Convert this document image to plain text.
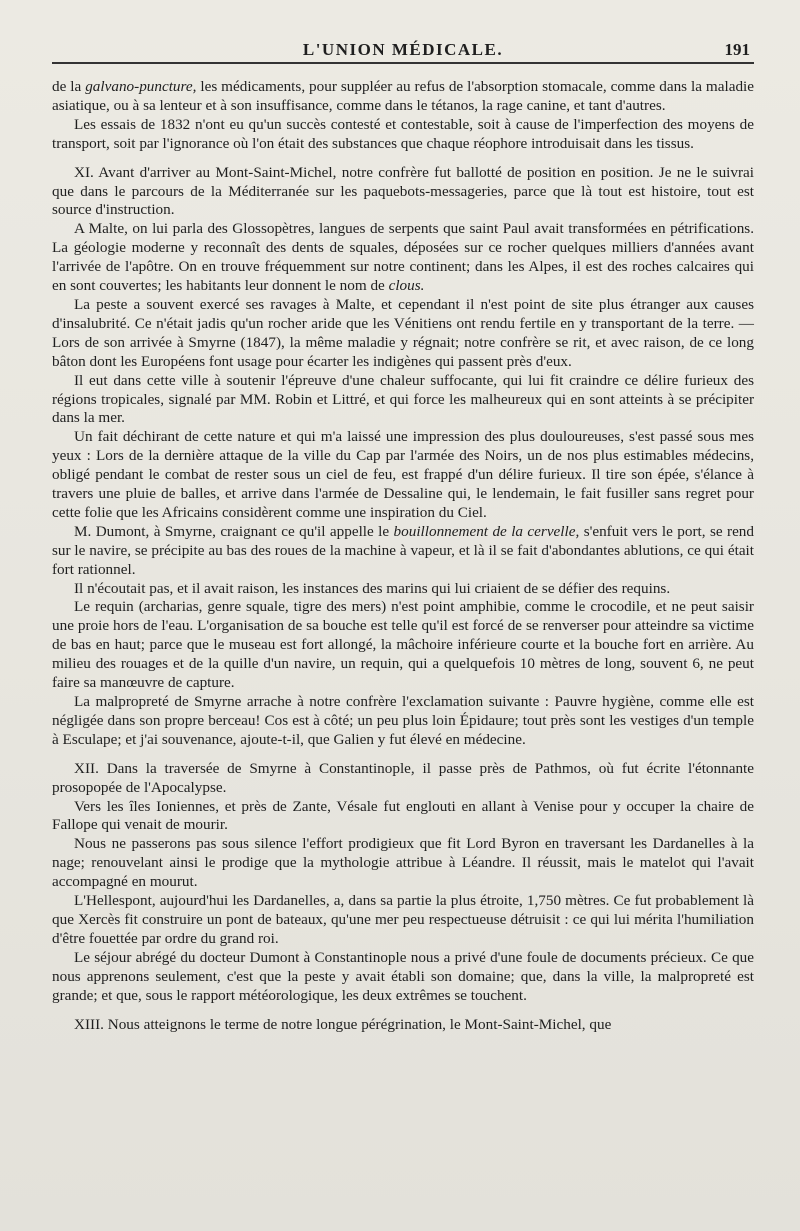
L'UNION MÉDICALE.	191

de la galvano-puncture, les médicaments, pour suppléer au refus de l'absorption stomacale, comme dans la maladie asiatique, ou à sa lenteur et à son insuffisance, comme dans le tétanos, la rage canine, et tant d'autres.

Les essais de 1832 n'ont eu qu'un succès contesté et contestable, soit à cause de l'imperfection des moyens de transport, soit par l'ignorance où l'on était des substances que chaque réophore introduisait dans les tissus.

XI. Avant d'arriver au Mont-Saint-Michel, notre confrère fut ballotté de position en position. Je ne le suivrai que dans le parcours de la Méditerranée sur les paquebots-messageries, parce que là tout est histoire, tout est source d'instruction.

A Malte, on lui parla des Glossopètres, langues de serpents que saint Paul avait transformées en pétrifications. La géologie moderne y reconnaît des dents de squales, déposées sur ce rocher quelques milliers d'années avant l'arrivée de l'apôtre. On en trouve fréquemment sur notre continent; dans les Alpes, il est des roches calcaires qui en sont couvertes; les habitants leur donnent le nom de clous.

La peste a souvent exercé ses ravages à Malte, et cependant il n'est point de site plus étranger aux causes d'insalubrité. Ce n'était jadis qu'un rocher aride que les Vénitiens ont rendu fertile en y transportant de la terre. — Lors de son arrivée à Smyrne (1847), la même maladie y régnait; notre confrère se rit, et avec raison, de ce long bâton dont les Européens font usage pour écarter les indigènes qui passent près d'eux.

Il eut dans cette ville à soutenir l'épreuve d'une chaleur suffocante, qui lui fit craindre ce délire furieux des régions tropicales, signalé par MM. Robin et Littré, et qui force les malheureux qui en sont atteints à se précipiter dans la mer.

Un fait déchirant de cette nature et qui m'a laissé une impression des plus douloureuses, s'est passé sous mes yeux : Lors de la dernière attaque de la ville du Cap par l'armée des Noirs, un de nos plus estimables médecins, obligé pendant le combat de rester sous un ciel de feu, est frappé d'un délire furieux. Il tire son épée, s'élance à travers une pluie de balles, et arrive dans l'armée de Dessaline qui, le lendemain, le fait fusiller sans regret pour cette folie que les Africains considèrent comme une inspiration du Ciel.

M. Dumont, à Smyrne, craignant ce qu'il appelle le bouillonnement de la cervelle, s'enfuit vers le port, se rend sur le navire, se précipite au bas des roues de la machine à vapeur, et là il se fait d'abondantes ablutions, ce qui était fort rationnel.

Il n'écoutait pas, et il avait raison, les instances des marins qui lui criaient de se défier des requins.

Le requin (archarias, genre squale, tigre des mers) n'est point amphibie, comme le crocodile, et ne peut saisir une proie hors de l'eau. L'organisation de sa bouche est telle qu'il est forcé de se renverser pour atteindre sa victime de bas en haut; parce que le museau est fort allongé, la mâchoire inférieure courte et la bouche fort en arrière. Au milieu des rouages et de la quille d'un navire, un requin, qui a quelquefois 10 mètres de long, souvent 6, ne peut faire sa manœuvre de capture.

La malpropreté de Smyrne arrache à notre confrère l'exclamation suivante : Pauvre hygiène, comme elle est négligée dans son propre berceau! Cos est à côté; un peu plus loin Épidaure; tout près sont les vestiges d'un temple à Esculape; et j'ai souvenance, ajoute-t-il, que Galien y fut élevé en médecine.

XII. Dans la traversée de Smyrne à Constantinople, il passe près de Pathmos, où fut écrite l'étonnante prosopopée de l'Apocalypse.

Vers les îles Ioniennes, et près de Zante, Vésale fut englouti en allant à Venise pour y occuper la chaire de Fallope qui venait de mourir.

Nous ne passerons pas sous silence l'effort prodigieux que fit Lord Byron en traversant les Dardanelles à la nage; renouvelant ainsi le prodige que la mythologie attribue à Léandre. Il réussit, mais le matelot qui l'avait accompagné en mourut.

L'Hellespont, aujourd'hui les Dardanelles, a, dans sa partie la plus étroite, 1,750 mètres. Ce fut probablement là que Xercès fit construire un pont de bateaux, qu'une mer peu respectueuse détruisit : ce qui lui mérita l'humiliation d'être fouettée par ordre du grand roi.

Le séjour abrégé du docteur Dumont à Constantinople nous a privé d'une foule de documents précieux. Ce que nous apprenons seulement, c'est que la peste y avait établi son domaine; que, dans la ville, la malpropreté est grande; et que, sous le rapport météorologique, les deux extrêmes se touchent.

XIII. Nous atteignons le terme de notre longue pérégrination, le Mont-Saint-Michel, que
